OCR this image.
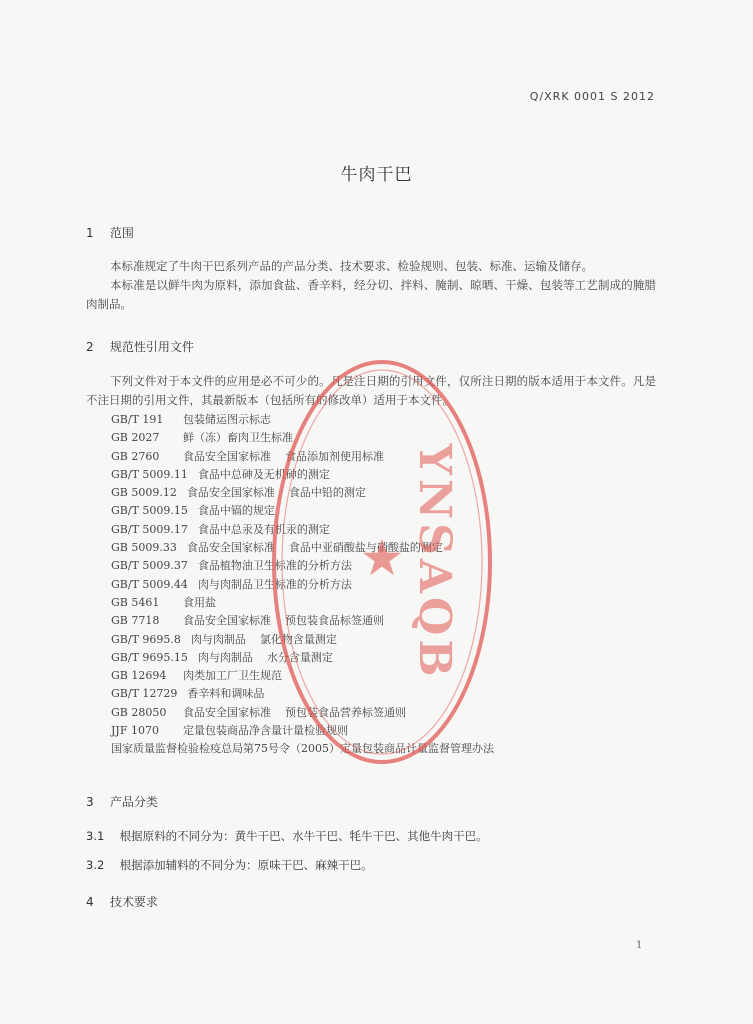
Q/XRK 0001 S 2012
牛肉干巴
1 范围
本标准规定了牛肉干巴系列产品的产品分类、技术要求、检验规则、包装、标准、运输及储存。
本标准是以鲜牛肉为原料，添加食盐、香辛料，经分切、拌料、腌制、晾晒、干燥、包装等工艺制成的腌腊肉制品。
2 规范性引用文件
下列文件对于本文件的应用是必不可少的。凡是注日期的引用文件，仅所注日期的版本适用于本文件。凡是不注日期的引用文件，其最新版本（包括所有的修改单）适用于本文件。
GB/T 191 包装储运图示标志
GB 2027 鲜（冻）畜肉卫生标准
GB 2760 食品安全国家标准 食品添加剂使用标准
GB/T 5009.11 食品中总砷及无机砷的测定
GB 5009.12 食品安全国家标准 食品中铅的测定
GB/T 5009.15 食品中镉的规定
GB/T 5009.17 食品中总汞及有机汞的测定
GB 5009.33 食品安全国家标准 食品中亚硝酸盐与硝酸盐的测定
GB/T 5009.37 食品植物油卫生标准的分析方法
GB/T 5009.44 肉与肉制品卫生标准的分析方法
GB 5461 食用盐
GB 7718 食品安全国家标准 预包装食品标签通则
GB/T 9695.8 肉与肉制品 氯化物含量测定
GB/T 9695.15 肉与肉制品 水分含量测定
GB 12694 肉类加工厂卫生规范
GB/T 12729 香辛料和调味品
GB 28050 食品安全国家标准 预包装食品营养标签通则
JJF 1070 定量包装商品净含量计量检验规则
国家质量监督检验检疫总局第75号令（2005）定量包装商品计量监督管理办法
3 产品分类
3.1 根据原料的不同分为：黄牛干巴、水牛干巴、牦牛干巴、其他牛肉干巴。
3.2 根据添加辅料的不同分为：原味干巴、麻辣干巴。
4 技术要求
1
YNSAQB
★
